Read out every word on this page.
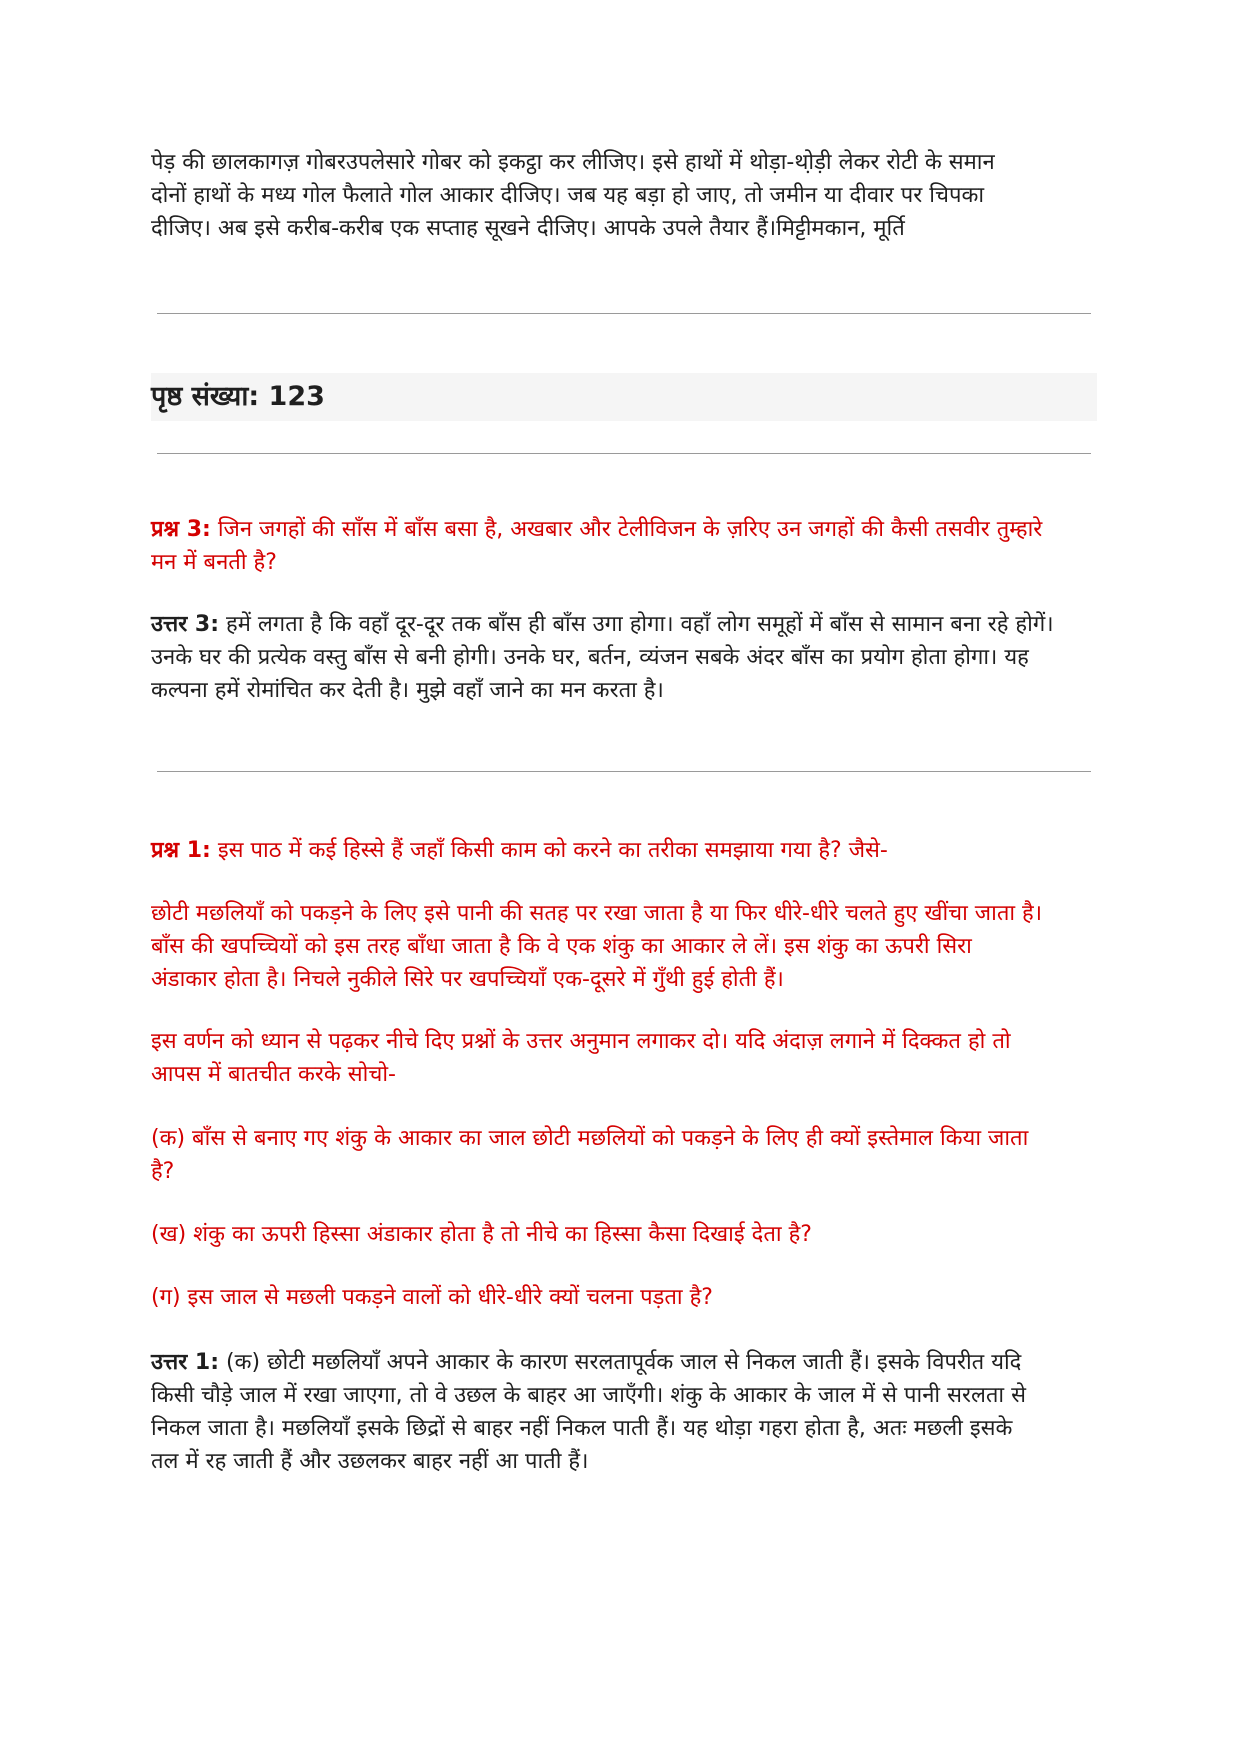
पेड़ की छालकागज़ गोबरउपलेसारे गोबर को इकट्ठा कर लीजिए। इसे हाथों में थोड़ा-थो़ड़ी लेकर रोटी के समान

दोनों हाथों के मध्य गोल फैलाते गोल आकार दीजिए। जब यह बड़ा हो जाए, तो जमीन या दीवार पर चिपका

दीजिए। अब इसे करीब-करीब एक सप्ताह सूखने दीजिए। आपके उपले तैयार हैं।मिट्टीमकान, मूर्ति

पृष्ठ संख्या: 123

प्रश्न 3: जिन जगहों की साँस में बाँस बसा है, अखबार और टेलीविजन के ज़रिए उन जगहों की कैसी तसवीर तुम्हारे

मन में बनती है?

उत्तर 3: हमें लगता है कि वहाँ दूर-दूर तक बाँस ही बाँस उगा होगा। वहाँ लोग समूहों में बाँस से सामान बना रहे होगें।

उनके घर की प्रत्येक वस्तु बाँस से बनी होगी। उनके घर, बर्तन, व्यंजन सबके अंदर बाँस का प्रयोग होता होगा। यह

कल्पना हमें रोमांचित कर देती है। मुझे वहाँ जाने का मन करता है।

प्रश्न 1: इस पाठ में कई हिस्से हैं जहाँ किसी काम को करने का तरीका समझाया गया है? जैसे-

छोटी मछलियाँ को पकड़ने के लिए इसे पानी की सतह पर रखा जाता है या फिर धीरे-धीरे चलते हुए खींचा जाता है।

बाँस की खपच्चियों को इस तरह बाँधा जाता है कि वे एक शंकु का आकार ले लें। इस शंकु का ऊपरी सिरा

अंडाकार होता है। निचले नुकीले सिरे पर खपच्चियाँ एक-दूसरे में गुँथी हुई होती हैं।

इस वर्णन को ध्यान से पढ़कर नीचे दिए प्रश्नों के उत्तर अनुमान लगाकर दो। यदि अंदाज़ लगाने में दिक्कत हो तो

आपस में बातचीत करके सोचो-

(क) बाँस से बनाए गए शंकु के आकार का जाल छोटी मछलियों को पकड़ने के लिए ही क्यों इस्तेमाल किया जाता

है?

(ख) शंकु का ऊपरी हिस्सा अंडाकार होता है तो नीचे का हिस्सा कैसा दिखाई देता है?

(ग) इस जाल से मछली पकड़ने वालों को धीरे-धीरे क्यों चलना पड़ता है?

उत्तर 1: (क) छोटी मछलियाँ अपने आकार के कारण सरलतापूर्वक जाल से निकल जाती हैं। इसके विपरीत यदि

किसी चौड़े जाल में रखा जाएगा, तो वे उछल के बाहर आ जाएँगी। शंकु के आकार के जाल में से पानी सरलता से

निकल जाता है। मछलियाँ इसके छिद्रों से बाहर नहीं निकल पाती हैं। यह थोड़ा गहरा होता है, अतः मछली इसके

तल में रह जाती हैं और उछलकर बाहर नहीं आ पाती हैं।
